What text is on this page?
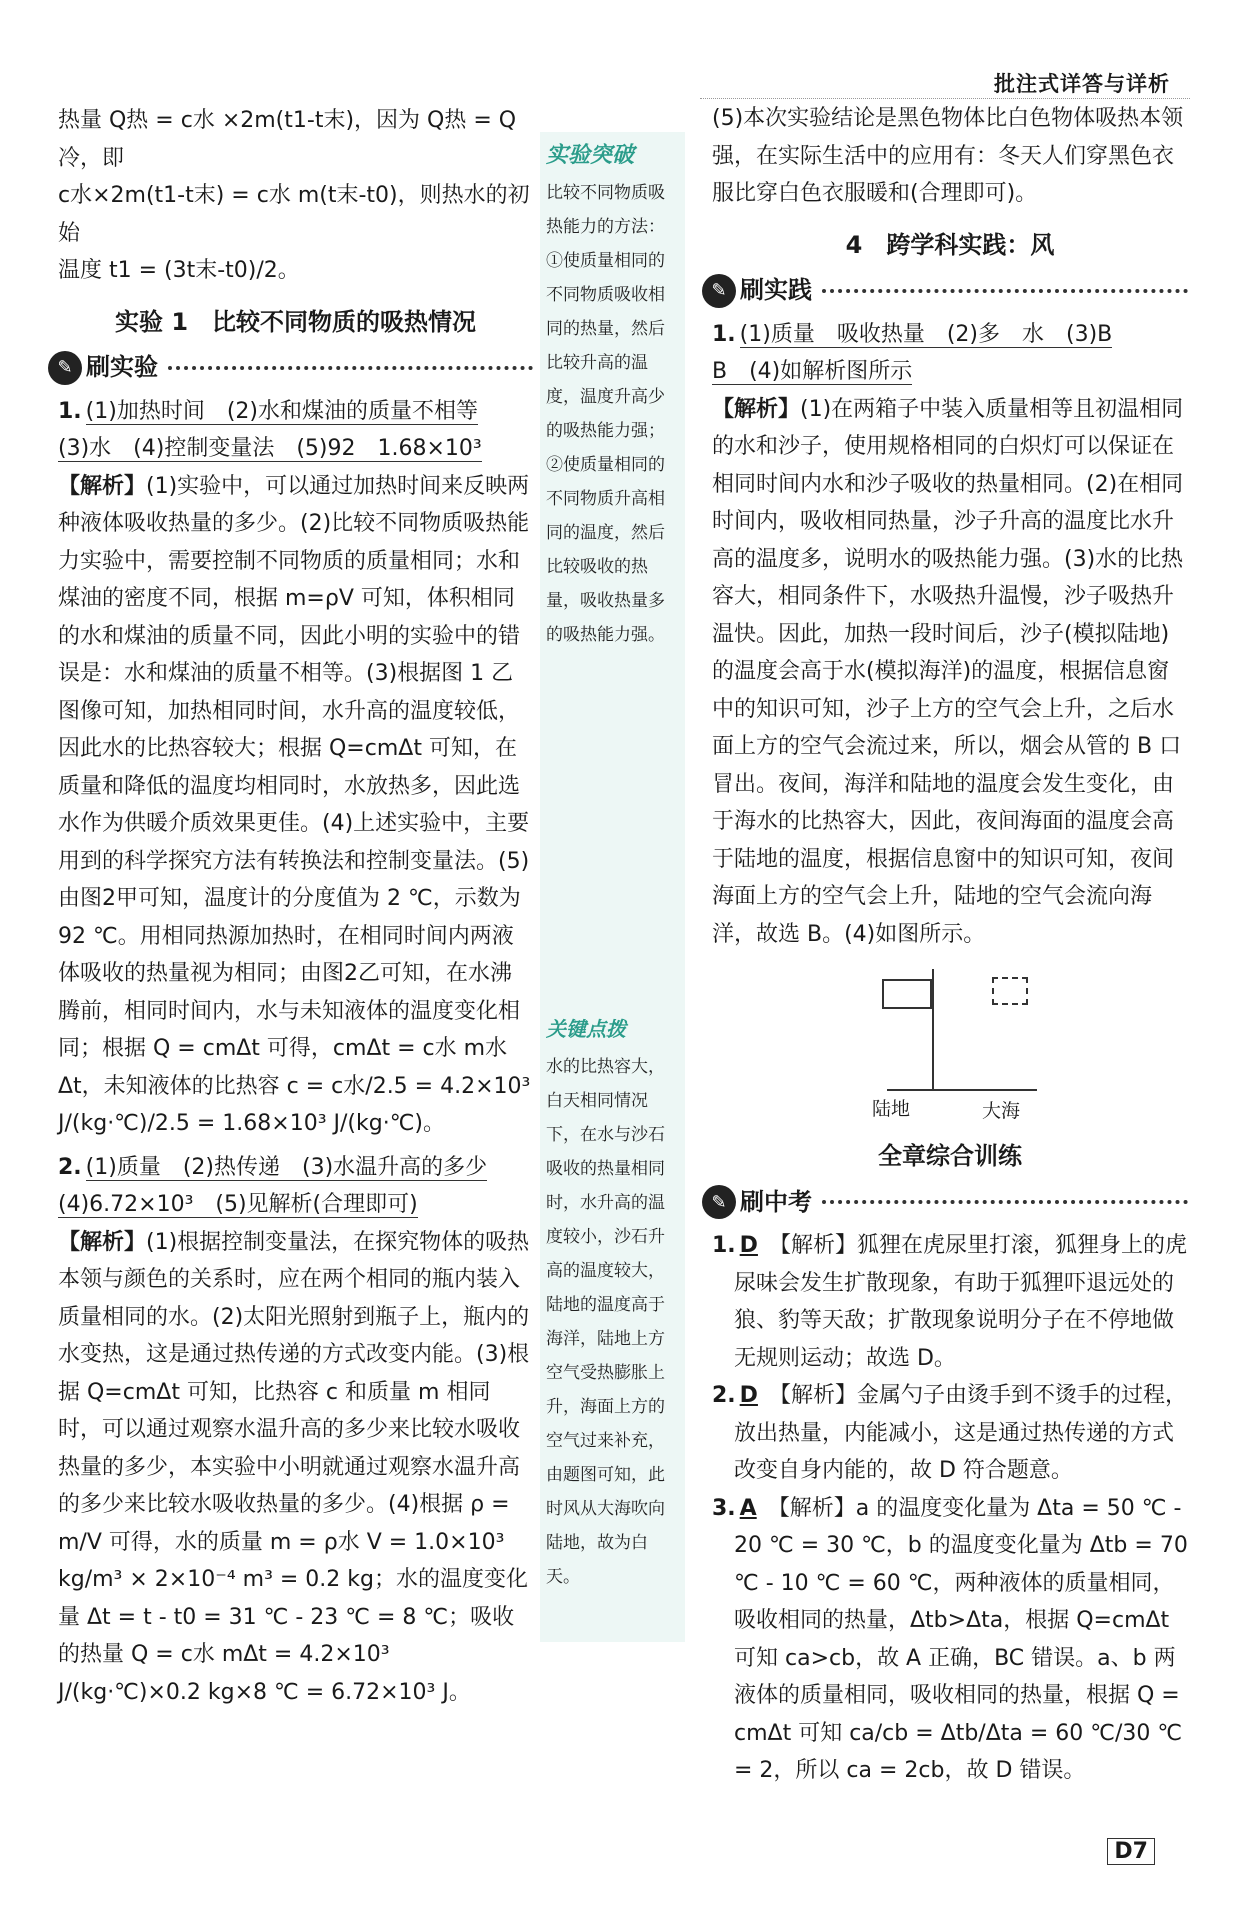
批注式详答与详析

热量 Q热 = c水 ×2m(t1-t末)，因为 Q热 = Q冷，即

c水×2m(t1-t末) = c水 m(t末-t0)，则热水的初始

温度 t1 = (3t末-t0)/2。

实验 1　比较不同物质的吸热情况
✎ 刷实验

1. (1)加热时间　(2)水和煤油的质量不相等

(3)水　(4)控制变量法　(5)92　1.68×10³

【解析】(1)实验中，可以通过加热时间来反映两种液体吸收热量的多少。(2)比较不同物质吸热能力实验中，需要控制不同物质的质量相同；水和煤油的密度不同，根据 m=ρV 可知，体积相同的水和煤油的质量不同，因此小明的实验中的错误是：水和煤油的质量不相等。(3)根据图 1 乙图像可知，加热相同时间，水升高的温度较低，因此水的比热容较大；根据 Q=cmΔt 可知，在质量和降低的温度均相同时，水放热多，因此选水作为供暖介质效果更佳。(4)上述实验中，主要用到的科学探究方法有转换法和控制变量法。(5)由图2甲可知，温度计的分度值为 2 ℃，示数为 92 ℃。用相同热源加热时，在相同时间内两液体吸收的热量视为相同；由图2乙可知，在水沸腾前，相同时间内，水与未知液体的温度变化相同；根据 Q = cmΔt 可得，cmΔt = c水 m水 Δt，未知液体的比热容 c = c水/2.5 = 4.2×10³ J/(kg·℃)/2.5 = 1.68×10³ J/(kg·℃)。

2. (1)质量　(2)热传递　(3)水温升高的多少

(4)6.72×10³　(5)见解析(合理即可)

【解析】(1)根据控制变量法，在探究物体的吸热本领与颜色的关系时，应在两个相同的瓶内装入质量相同的水。(2)太阳光照射到瓶子上，瓶内的水变热，这是通过热传递的方式改变内能。(3)根据 Q=cmΔt 可知，比热容 c 和质量 m 相同时，可以通过观察水温升高的多少来比较水吸收热量的多少，本实验中小明就通过观察水温升高的多少来比较水吸收热量的多少。(4)根据 ρ = m/V 可得，水的质量 m = ρ水 V = 1.0×10³ kg/m³ × 2×10⁻⁴ m³ = 0.2 kg；水的温度变化量 Δt = t - t0 = 31 ℃ - 23 ℃ = 8 ℃；吸收的热量 Q = c水 mΔt = 4.2×10³ J/(kg·℃)×0.2 kg×8 ℃ = 6.72×10³ J。

实验突破

比较不同物质吸热能力的方法：①使质量相同的不同物质吸收相同的热量，然后比较升高的温度，温度升高少的吸热能力强；②使质量相同的不同物质升高相同的温度，然后比较吸收的热量，吸收热量多的吸热能力强。

关键点拨

水的比热容大，白天相同情况下，在水与沙石吸收的热量相同时，水升高的温度较小，沙石升高的温度较大，陆地的温度高于海洋，陆地上方空气受热膨胀上升，海面上方的空气过来补充，由题图可知，此时风从大海吹向陆地，故为白天。

(5)本次实验结论是黑色物体比白色物体吸热本领强，在实际生活中的应用有：冬天人们穿黑色衣服比穿白色衣服暖和(合理即可)。

4　跨学科实践：风
✎ 刷实践

1. (1)质量　吸收热量　(2)多　水　(3)B

B　(4)如解析图所示

【解析】(1)在两箱子中装入质量相等且初温相同的水和沙子，使用规格相同的白炽灯可以保证在相同时间内水和沙子吸收的热量相同。(2)在相同时间内，吸收相同热量，沙子升高的温度比水升高的温度多，说明水的吸热能力强。(3)水的比热容大，相同条件下，水吸热升温慢，沙子吸热升温快。因此，加热一段时间后，沙子(模拟陆地)的温度会高于水(模拟海洋)的温度，根据信息窗中的知识可知，沙子上方的空气会上升，之后水面上方的空气会流过来，所以，烟会从管的 B 口冒出。夜间，海洋和陆地的温度会发生变化，由于海水的比热容大，因此，夜间海面的温度会高于陆地的温度，根据信息窗中的知识可知，夜间海面上方的空气会上升，陆地的空气会流向海洋，故选 B。(4)如图所示。

陆地	大海
全章综合训练
✎ 刷中考

1. D　 【解析】狐狸在虎尿里打滚，狐狸身上的虎尿味会发生扩散现象，有助于狐狸吓退远处的狼、豹等天敌；扩散现象说明分子在不停地做无规则运动；故选 D。

2. D　 【解析】金属勺子由烫手到不烫手的过程，放出热量，内能减小，这是通过热传递的方式改变自身内能的，故 D 符合题意。

3. A　 【解析】a 的温度变化量为 Δta = 50 ℃ - 20 ℃ = 30 ℃，b 的温度变化量为 Δtb = 70 ℃ - 10 ℃ = 60 ℃，两种液体的质量相同，吸收相同的热量，Δtb>Δta，根据 Q=cmΔt 可知 ca>cb，故 A 正确，BC 错误。a、b 两液体的质量相同，吸收相同的热量，根据 Q = cmΔt 可知 ca/cb = Δtb/Δta = 60 ℃/30 ℃ = 2，所以 ca = 2cb，故 D 错误。

D7
